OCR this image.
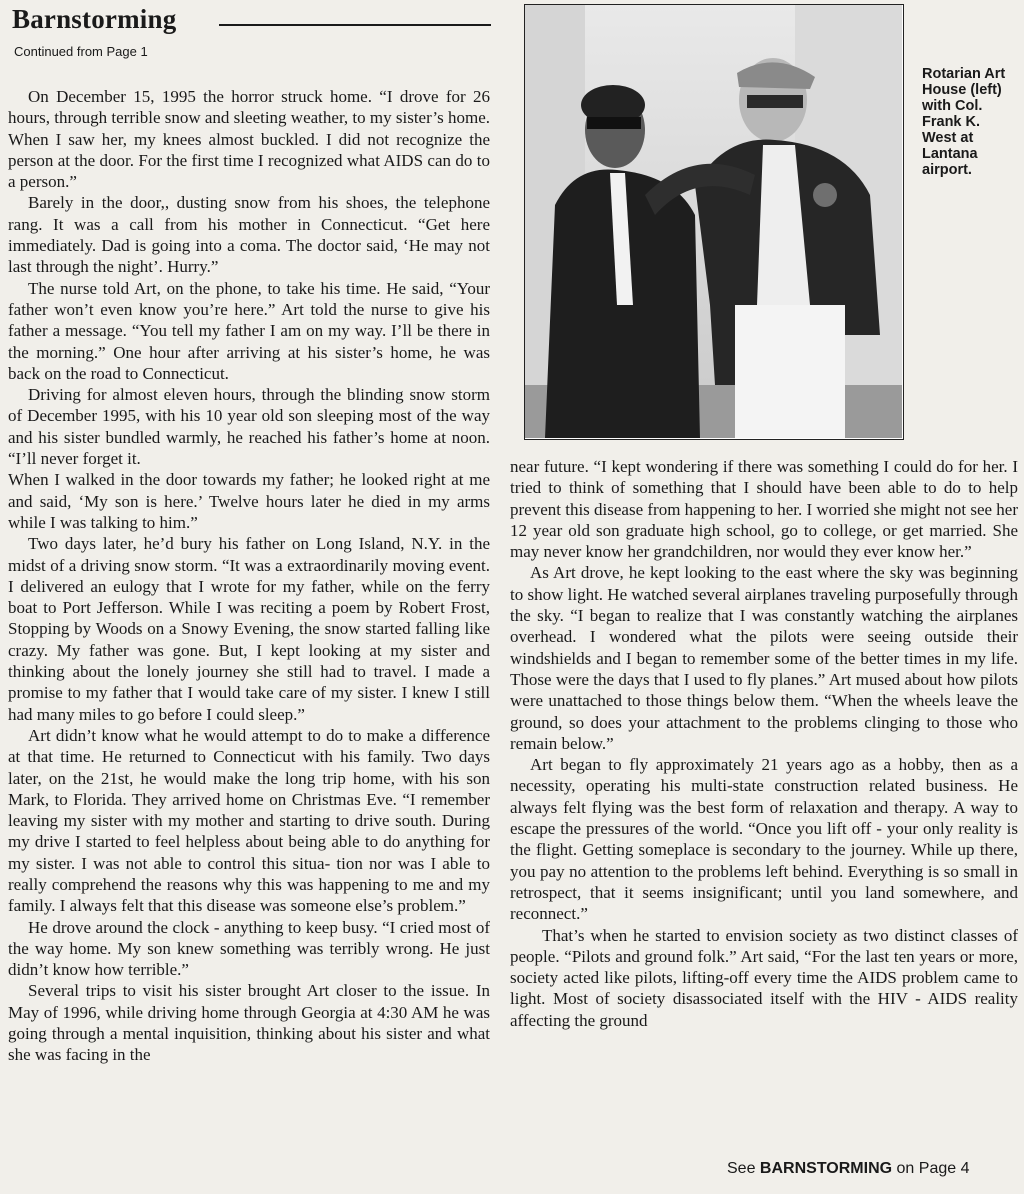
Barnstorming
Continued from Page 1

On December 15, 1995 the horror struck home. “I drove for 26 hours, through terrible snow and sleeting weather, to my sister’s home. When I saw her, my knees almost buckled. I did not recognize the person at the door. For the first time I recognized what AIDS can do to a person.”

Barely in the door,, dusting snow from his shoes, the telephone rang. It was a call from his mother in Connecticut. “Get here immediately. Dad is going into a coma. The doctor said, ‘He may not last through the night’. Hurry.”

The nurse told Art, on the phone, to take his time. He said, “Your father won’t even know you’re here.” Art told the nurse to give his father a message. “You tell my father I am on my way. I’ll be there in the morning.” One hour after arriving at his sister’s home, he was back on the road to Connecticut.

Driving for almost eleven hours, through the blinding snow storm of December 1995, with his 10 year old son sleeping most of the way and his sister bundled warmly, he reached his father’s home at noon. “I’ll never forget it.

When I walked in the door towards my father; he looked right at me and said, ‘My son is here.’ Twelve hours later he died in my arms while I was talking to him.”

Two days later, he’d bury his father on Long Island, N.Y. in the midst of a driving snow storm. “It was a extraordinarily moving event. I delivered an eulogy that I wrote for my father, while on the ferry boat to Port Jefferson. While I was reciting a poem by Robert Frost, Stopping by Woods on a Snowy Evening, the snow started falling like crazy. My father was gone. But, I kept looking at my sister and thinking about the lonely journey she still had to travel. I made a promise to my father that I would take care of my sister. I knew I still had many miles to go before I could sleep.”

Art didn’t know what he would attempt to do to make a difference at that time. He returned to Connecticut with his family. Two days later, on the 21st, he would make the long trip home, with his son Mark, to Florida. They arrived home on Christmas Eve. “I remember leaving my sister with my mother and starting to drive south. During my drive I started to feel helpless about being able to do anything for my sister. I was not able to control this situa- tion nor was I able to really comprehend the reasons why this was happening to me and my family. I always felt that this disease was someone else’s problem.”

He drove around the clock - anything to keep busy. “I cried most of the way home. My son knew something was terribly wrong. He just didn’t know how terrible.”

Several trips to visit his sister brought Art closer to the issue. In May of 1996, while driving home through Georgia at 4:30 AM he was going through a mental inquisition, thinking about his sister and what she was facing in the

Rotarian Art House (left) with Col. Frank K. West at Lantana airport.

near future. “I kept wondering if there was something I could do for her. I tried to think of something that I should have been able to do to help prevent this disease from happening to her. I worried she might not see her 12 year old son graduate high school, go to college, or get married. She may never know her grandchildren, nor would they ever know her.”

As Art drove, he kept looking to the east where the sky was beginning to show light. He watched several airplanes traveling purposefully through the sky. “I began to realize that I was constantly watching the airplanes overhead. I wondered what the pilots were seeing outside their windshields and I began to remember some of the better times in my life. Those were the days that I used to fly planes.” Art mused about how pilots were unattached to those things below them. “When the wheels leave the ground, so does your attachment to the problems clinging to those who remain below.”

Art began to fly approximately 21 years ago as a hobby, then as a necessity, operating his multi-state construction related business. He always felt flying was the best form of relaxation and therapy. A way to escape the pressures of the world. “Once you lift off - your only reality is the flight. Getting someplace is secondary to the journey. While up there, you pay no attention to the problems left behind. Everything is so small in retrospect, that it seems insignificant; until you land somewhere, and reconnect.”

That’s when he started to envision society as two distinct classes of people. “Pilots and ground folk.” Art said, “For the last ten years or more, society acted like pilots, lifting-off every time the AIDS problem came to light. Most of society disassociated itself with the HIV - AIDS reality affecting the ground

See BARNSTORMING on Page 4
